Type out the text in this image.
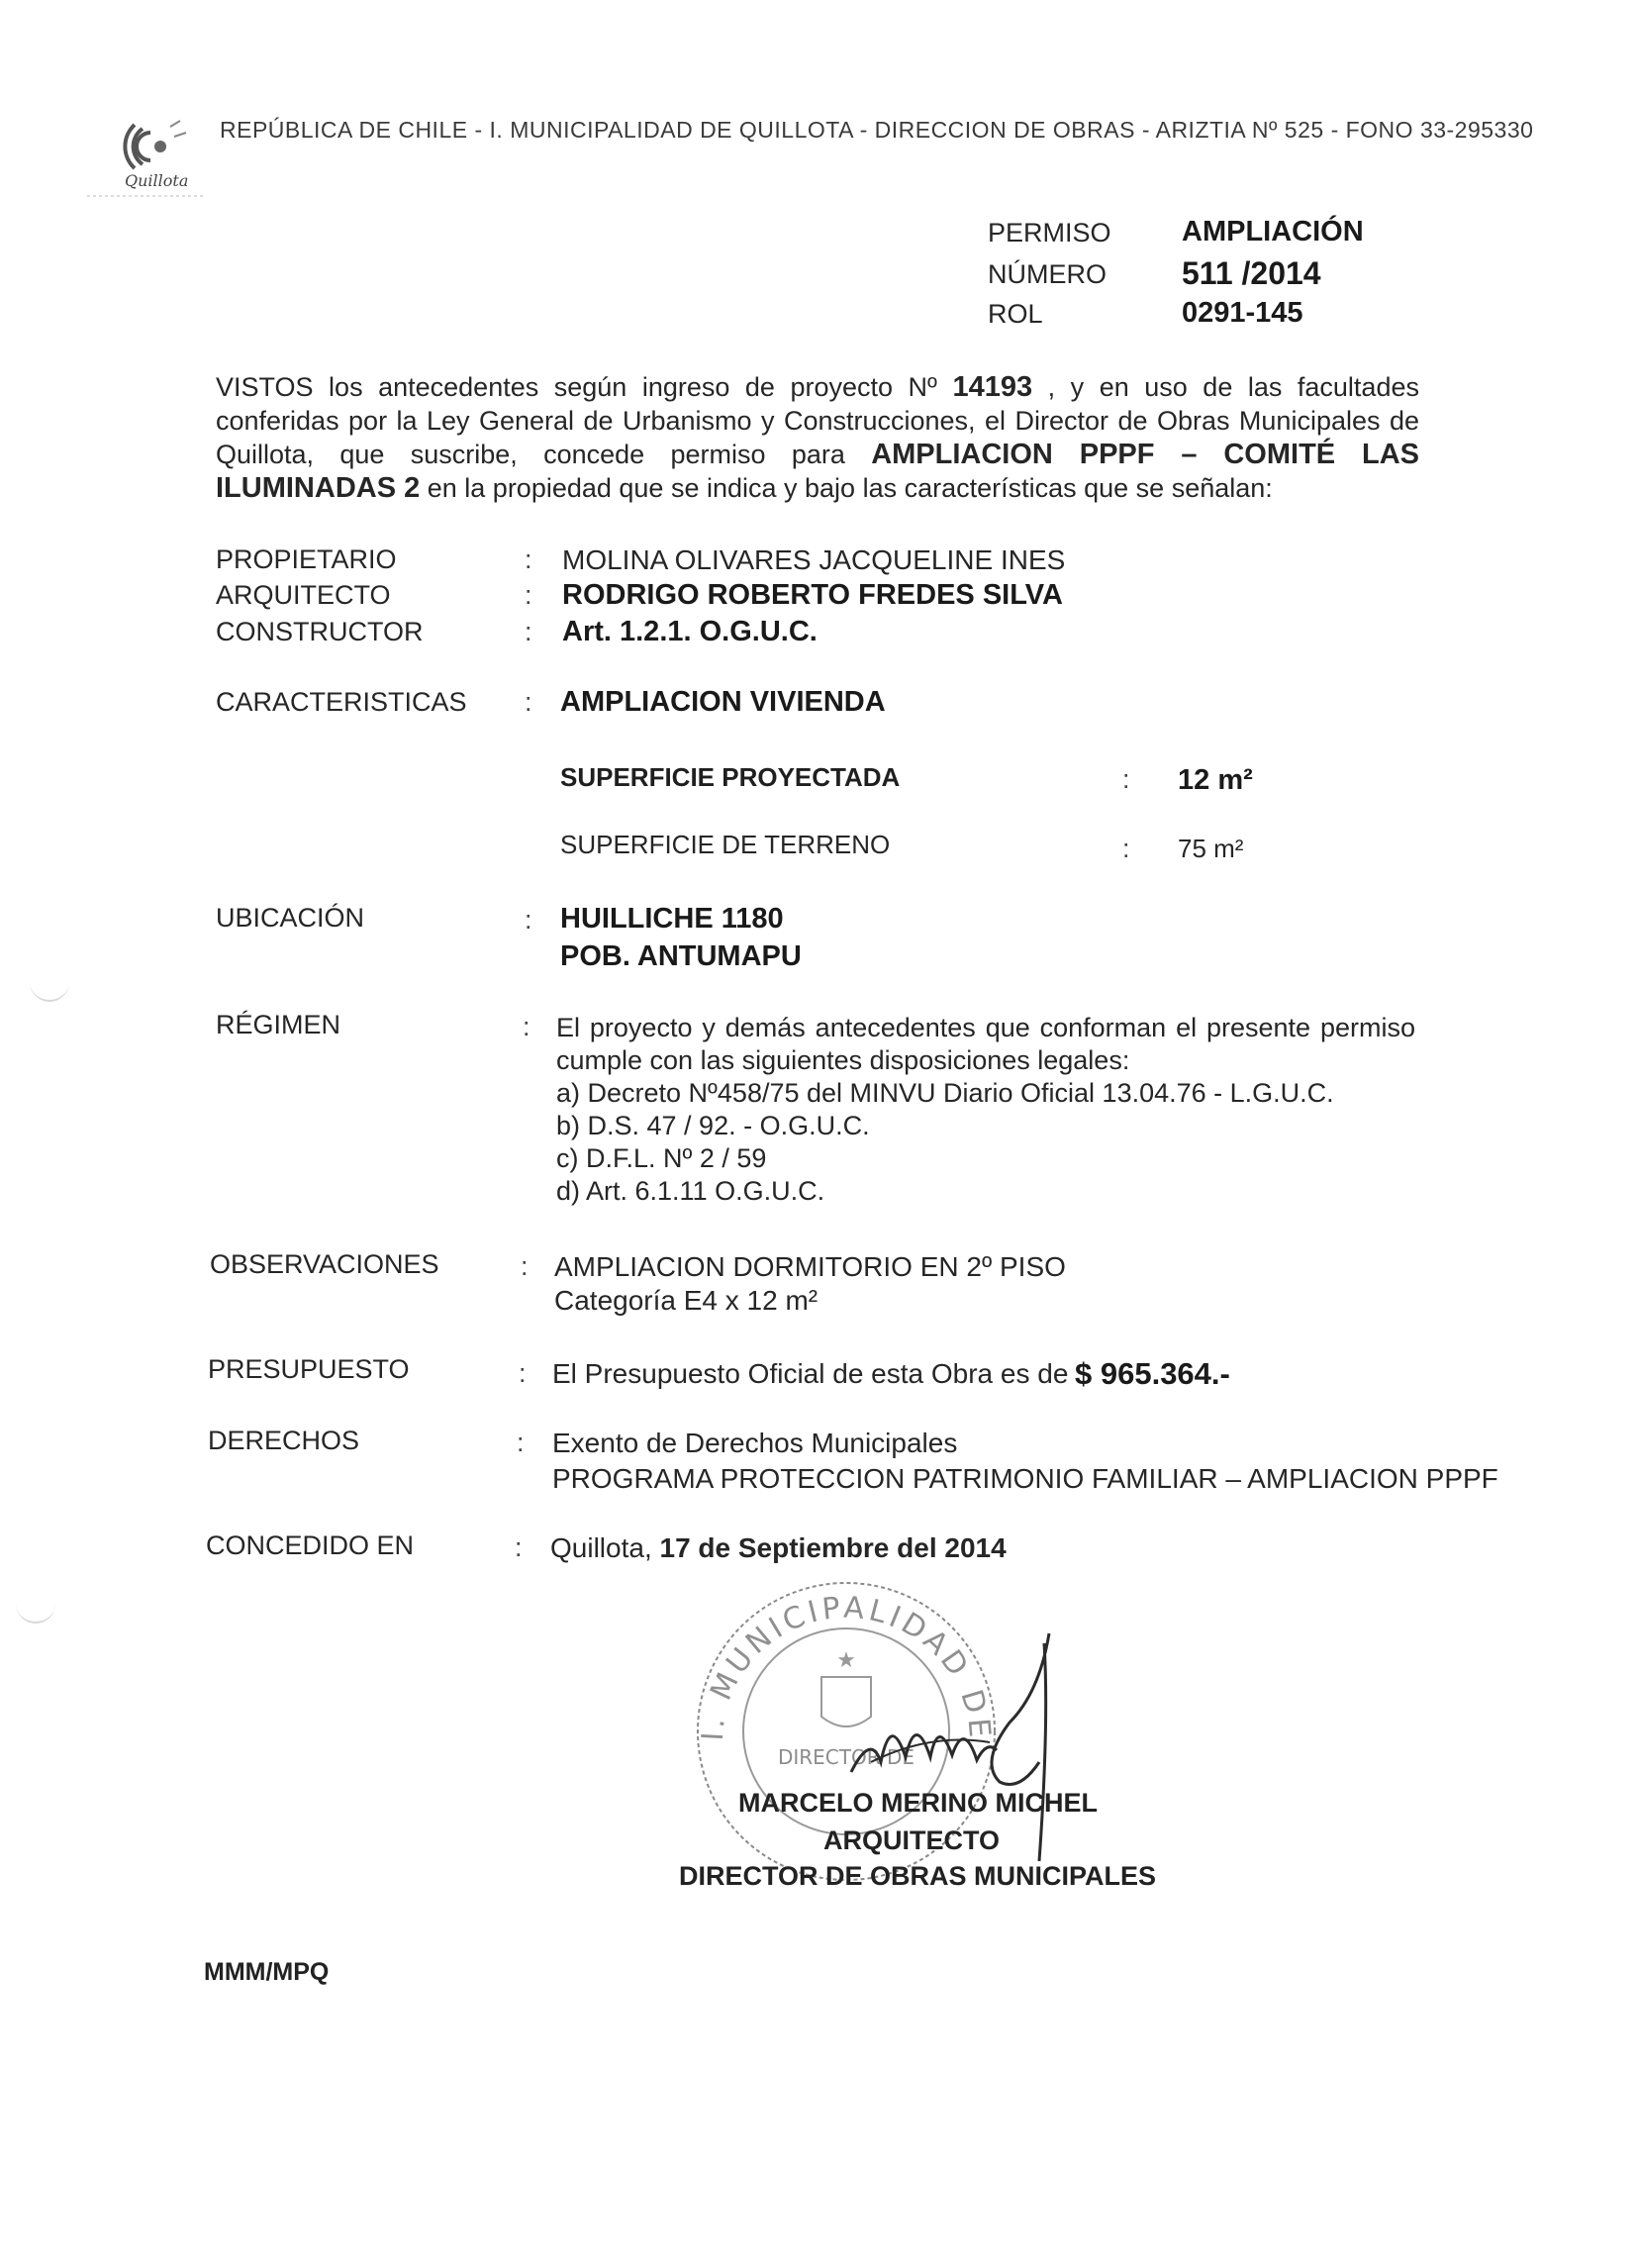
Quillota
REPÚBLICA DE CHILE - I. MUNICIPALIDAD DE QUILLOTA - DIRECCION DE OBRAS - ARIZTIA Nº 525 - FONO 33-295330
PERMISO AMPLIACIÓN
NÚMERO 511 /2014
ROL	0291-145
VISTOS los antecedentes según ingreso de proyecto Nº 14193 , y en uso de las facultades conferidas por la Ley General de Urbanismo y Construcciones, el Director de Obras Municipales de Quillota, que suscribe, concede permiso para AMPLIACION PPPF – COMITÉ LAS ILUMINADAS 2 en la propiedad que se indica y bajo las características que se señalan:
PROPIETARIO	: MOLINA OLIVARES JACQUELINE INES
ARQUITECTO	: RODRIGO ROBERTO FREDES SILVA
CONSTRUCTOR	: Art. 1.2.1. O.G.U.C.
CARACTERISTICAS : AMPLIACION VIVIENDA
SUPERFICIE PROYECTADA	: 12 m²
SUPERFICIE DE TERRENO	: 75 m²
UBICACIÓN	: HUILLICHE 1180
POB. ANTUMAPU
RÉGIMEN	: El proyecto y demás antecedentes que conforman el presente permiso cumple con las siguientes disposiciones legales:
a) Decreto Nº458/75 del MINVU Diario Oficial 13.04.76 - L.G.U.C.
b) D.S. 47 / 92. - O.G.U.C.
c) D.F.L. Nº 2 / 59
d) Art. 6.1.11 O.G.U.C.
OBSERVACIONES	: AMPLIACION DORMITORIO EN 2º PISO
Categoría E4 x 12 m²
PRESUPUESTO	: El Presupuesto Oficial de esta Obra es de $ 965.364.-
DERECHOS	: Exento de Derechos Municipales
PROGRAMA PROTECCION PATRIMONIO FAMILIAR – AMPLIACION PPPF
CONCEDIDO EN	: Quillota, 17 de Septiembre del 2014
I. MUNICIPALIDAD DE
★
DIRECTOR DE
MARCELO MERINO MICHEL
ARQUITECTO
DIRECTOR DE OBRAS MUNICIPALES
MMM/MPQ
